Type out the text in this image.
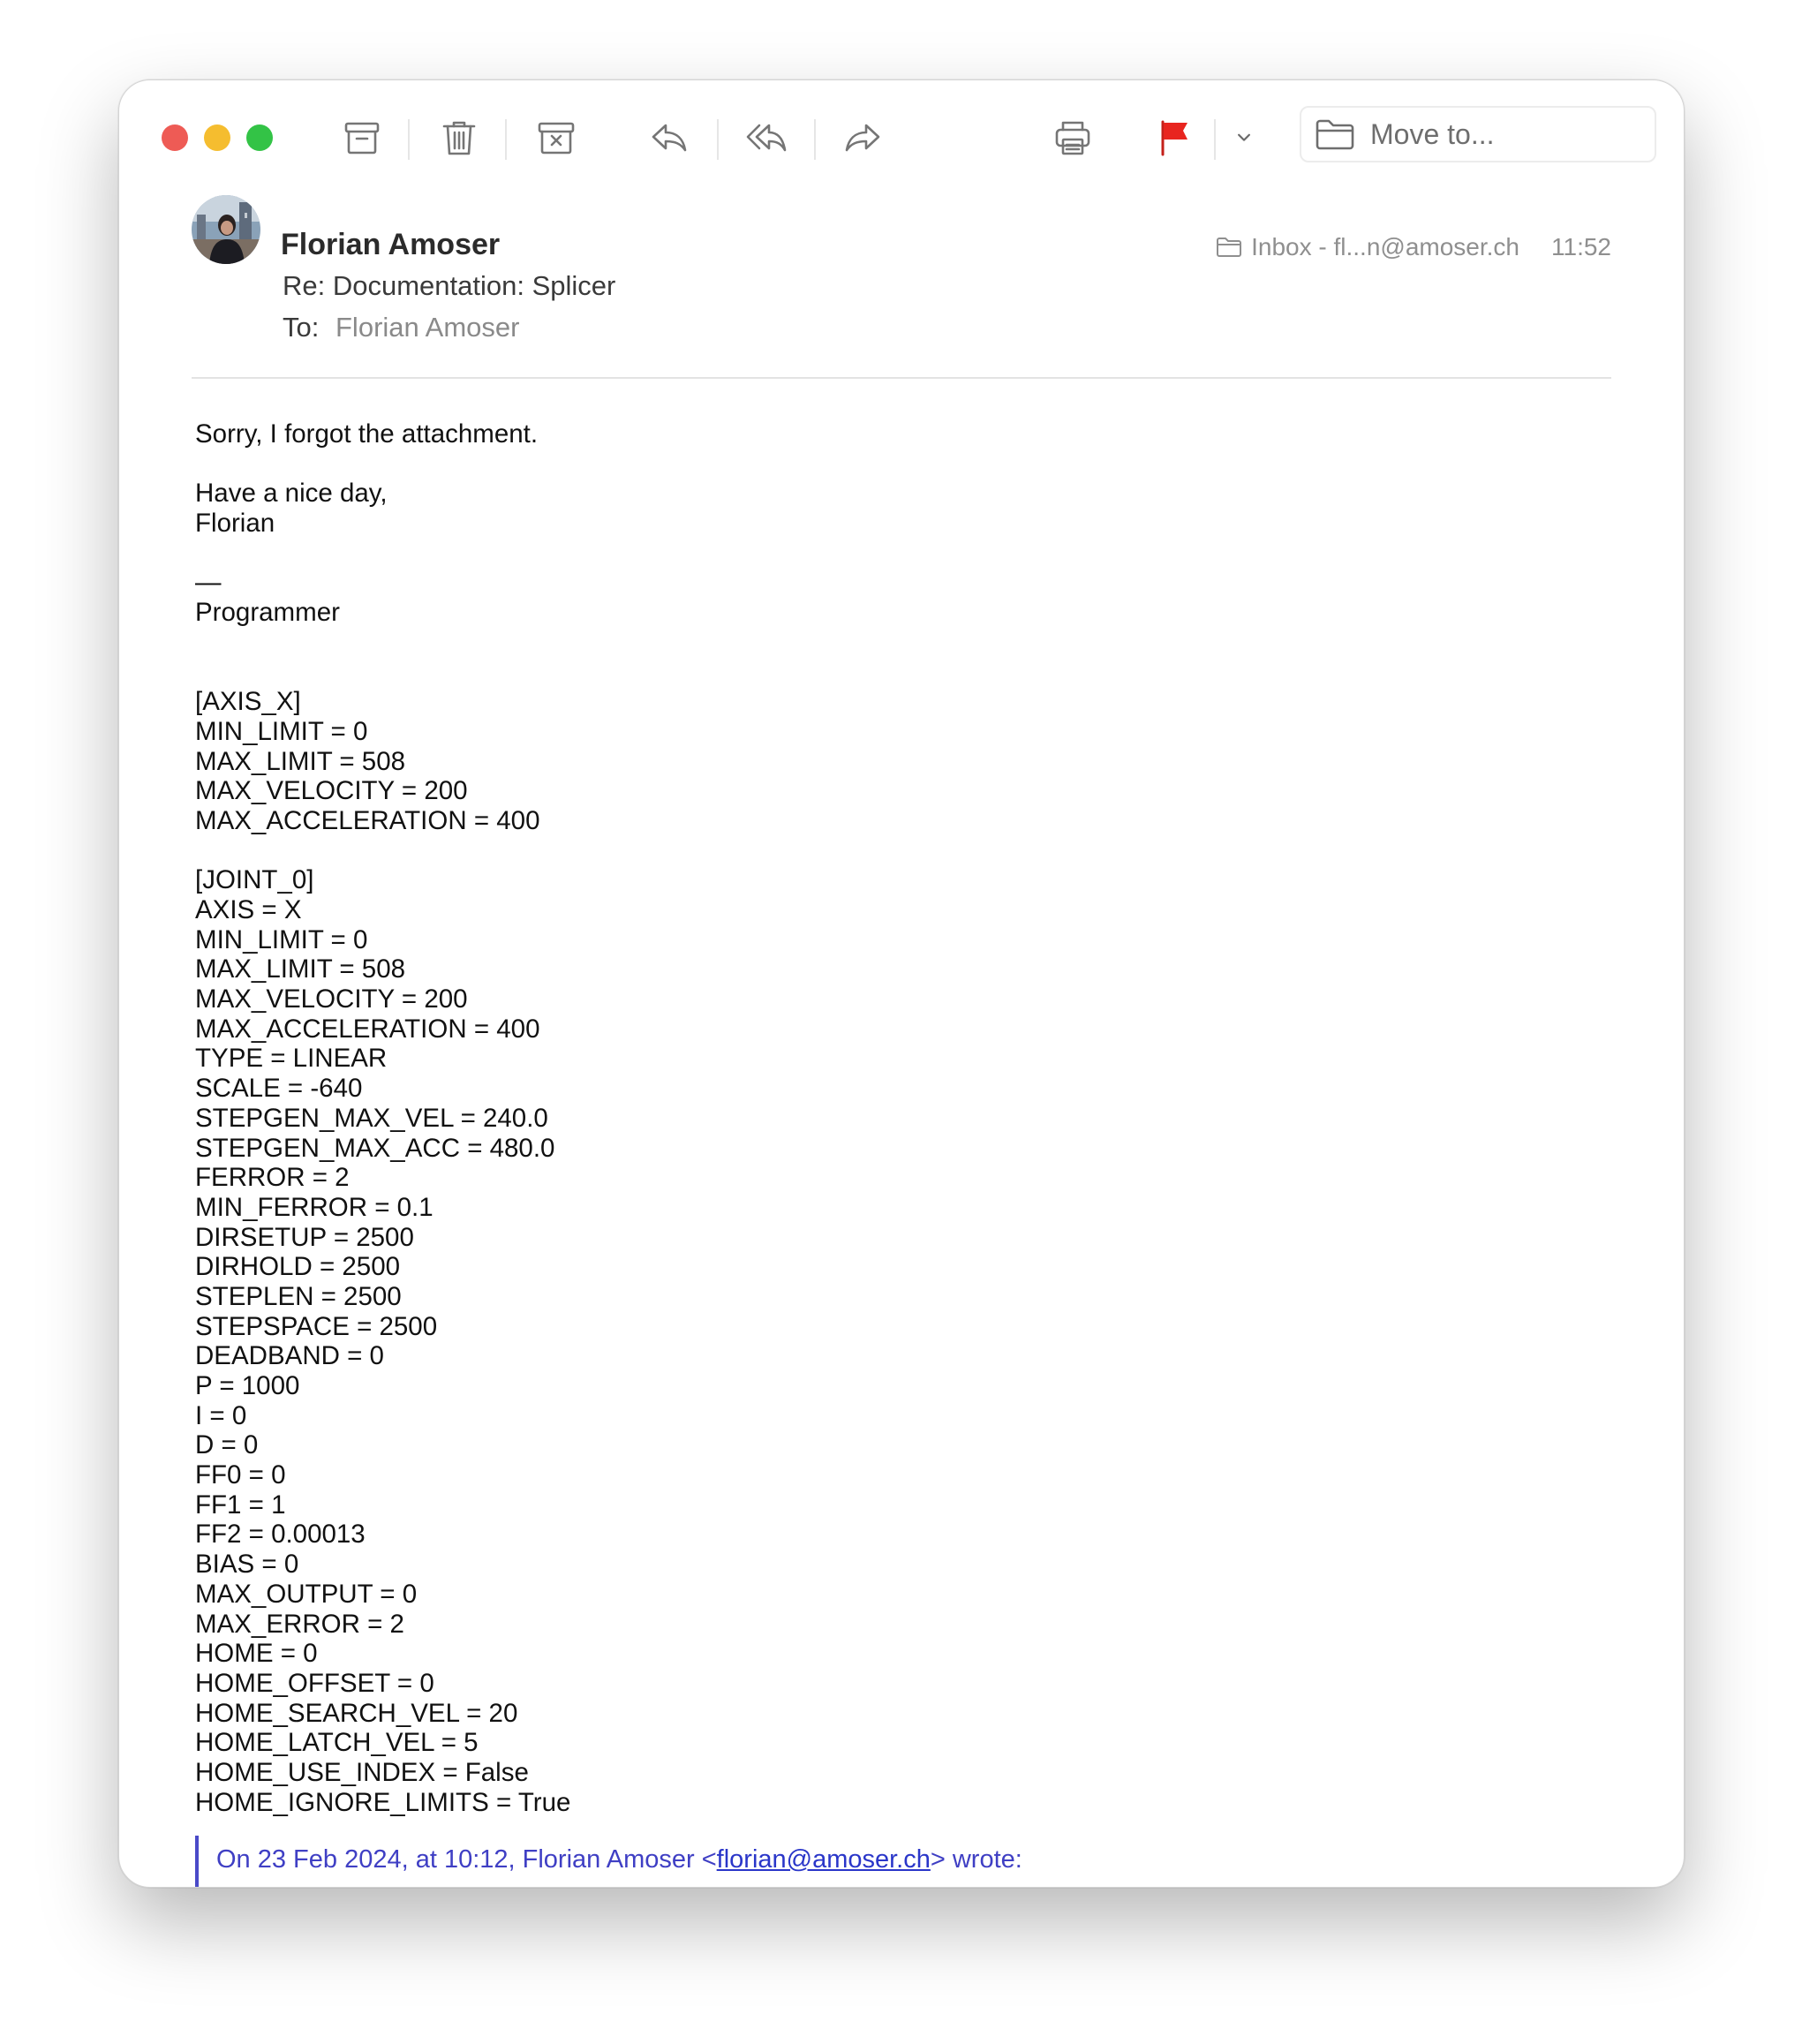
Move to...
Florian Amoser
Re: Documentation: Splicer
To: Florian Amoser
Inbox - fl...n@amoser.ch 11:52
Sorry, I forgot the attachment.
Have a nice day,
Florian
—
Programmer
[AXIS_X]
MIN_LIMIT = 0
MAX_LIMIT = 508
MAX_VELOCITY = 200
MAX_ACCELERATION = 400
[JOINT_0]
AXIS = X
MIN_LIMIT = 0
MAX_LIMIT = 508
MAX_VELOCITY = 200
MAX_ACCELERATION = 400
TYPE = LINEAR
SCALE = -640
STEPGEN_MAX_VEL = 240.0
STEPGEN_MAX_ACC = 480.0
FERROR = 2
MIN_FERROR = 0.1
DIRSETUP = 2500
DIRHOLD = 2500
STEPLEN = 2500
STEPSPACE = 2500
DEADBAND = 0
P = 1000
I = 0
D = 0
FF0 = 0
FF1 = 1
FF2 = 0.00013
BIAS = 0
MAX_OUTPUT = 0
MAX_ERROR = 2
HOME = 0
HOME_OFFSET = 0
HOME_SEARCH_VEL = 20
HOME_LATCH_VEL = 5
HOME_USE_INDEX = False
HOME_IGNORE_LIMITS = True
On 23 Feb 2024, at 10:12, Florian Amoser <florian@amoser.ch> wrote:
